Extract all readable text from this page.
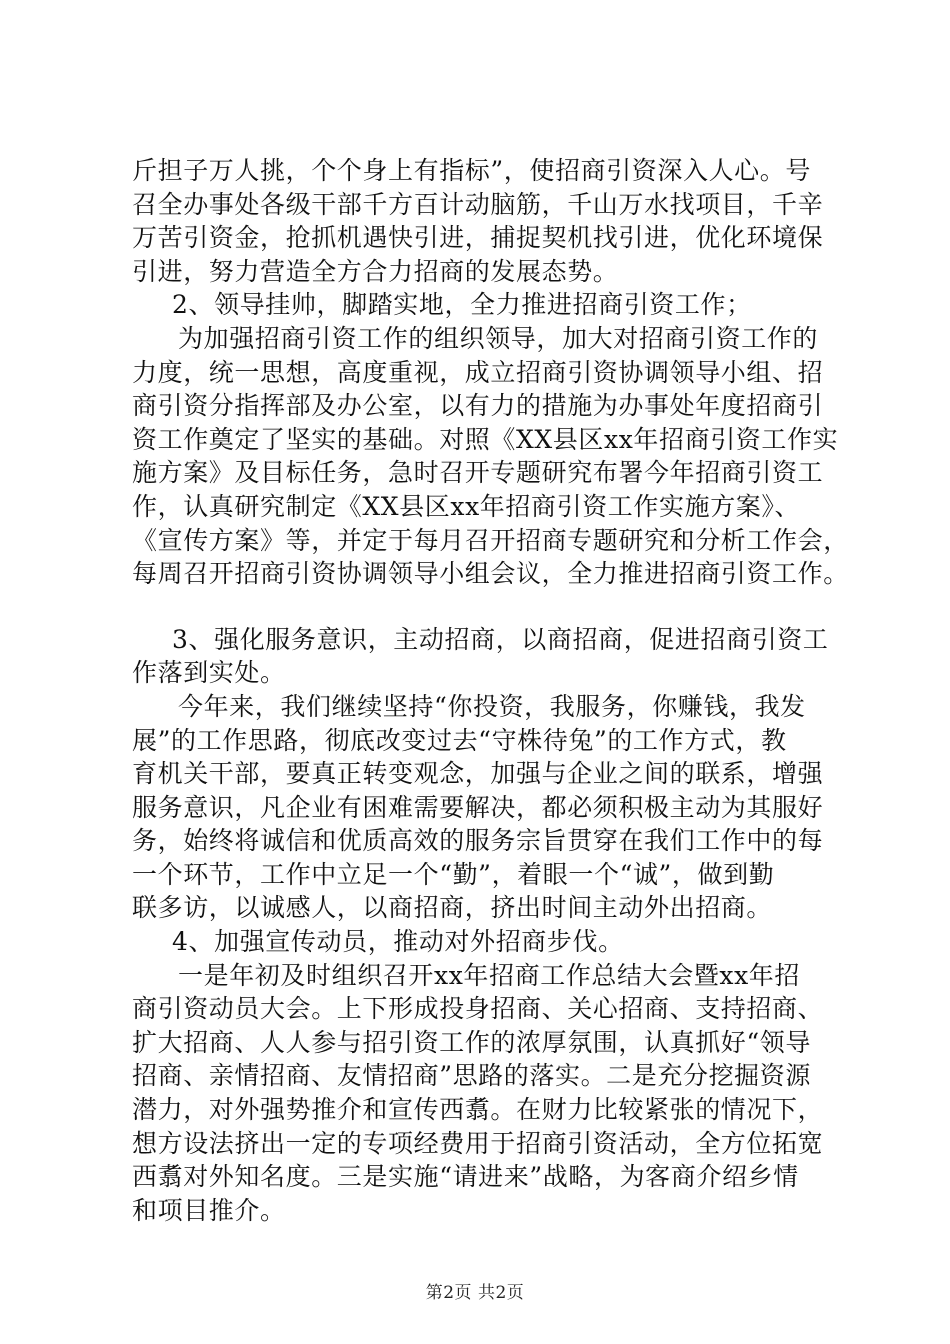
斤担子万人挑，个个身上有指标”，使招商引资深入人心。号
召全办事处各级干部千方百计动脑筋，千山万水找项目，千辛
万苦引资金，抢抓机遇快引进，捕捉契机找引进，优化环境保
引进，努力营造全方合力招商的发展态势。
2、领导挂帅，脚踏实地，全力推进招商引资工作；
为加强招商引资工作的组织领导，加大对招商引资工作的
力度，统一思想，高度重视，成立招商引资协调领导小组、招
商引资分指挥部及办公室，以有力的措施为办事处年度招商引
资工作奠定了坚实的基础。对照《XX县区xx年招商引资工作实
施方案》及目标任务，急时召开专题研究布署今年招商引资工
作，认真研究制定《XX县区xx年招商引资工作实施方案》、
《宣传方案》等，并定于每月召开招商专题研究和分析工作会，
每周召开招商引资协调领导小组会议，全力推进招商引资工作。
3、强化服务意识，主动招商，以商招商，促进招商引资工
作落到实处。
今年来，我们继续坚持“你投资，我服务，你赚钱，我发
展”的工作思路，彻底改变过去“守株待兔”的工作方式，教
育机关干部，要真正转变观念，加强与企业之间的联系，增强
服务意识，凡企业有困难需要解决，都必须积极主动为其服好
务，始终将诚信和优质高效的服务宗旨贯穿在我们工作中的每
一个环节，工作中立足一个“勤”，着眼一个“诚”，做到勤
联多访，以诚感人，以商招商，挤出时间主动外出招商。
4、加强宣传动员，推动对外招商步伐。
一是年初及时组织召开xx年招商工作总结大会暨xx年招
商引资动员大会。上下形成投身招商、关心招商、支持招商、
扩大招商、人人参与招引资工作的浓厚氛围，认真抓好“领导
招商、亲情招商、友情招商”思路的落实。二是充分挖掘资源
潜力，对外强势推介和宣传西翥。在财力比较紧张的情况下，
想方设法挤出一定的专项经费用于招商引资活动，全方位拓宽
西翥对外知名度。三是实施“请进来”战略，为客商介绍乡情
和项目推介。
第2页 共2页
